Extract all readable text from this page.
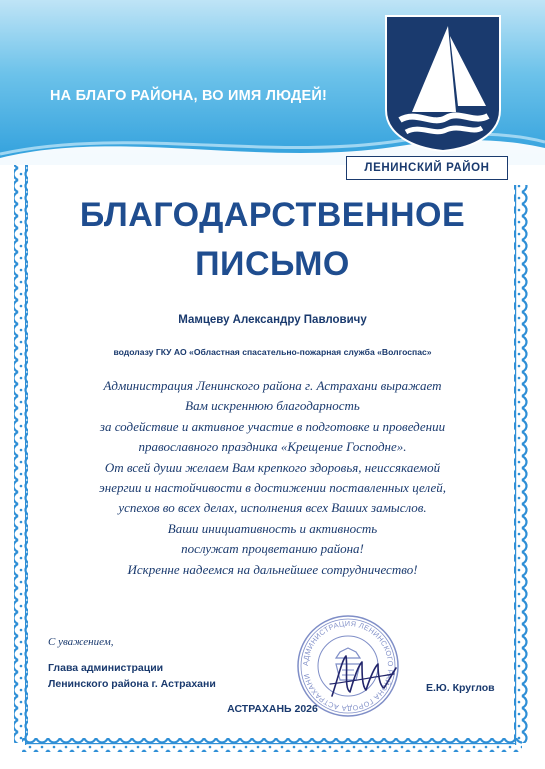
НА БЛАГО РАЙОНА, ВО ИМЯ ЛЮДЕЙ!
ЛЕНИНСКИЙ РАЙОН
БЛАГОДАРСТВЕННОЕ
ПИСЬМО
Мамцеву Александру Павловичу
водолазу ГКУ АО «Областная спасательно-пожарная служба «Волгоспас»
Администрация Ленинского района г. Астрахани выражает
Вам искреннюю благодарность
за содействие и активное участие в подготовке и проведении
православного праздника «Крещение Господне».
От всей души желаем Вам крепкого здоровья, неиссякаемой
энергии и настойчивости в достижении поставленных целей,
успехов во всех делах, исполнения всех Ваших замыслов.
Ваши инициативность и активность
послужат процветанию района!
Искренне надеемся на дальнейшее сотрудничество!
АДМИНИСТРАЦИЯ ЛЕНИНСКОГО РАЙОНА ГОРОДА АСТРАХАНИ
С уважением,
Глава администрации
Ленинского района г. Астрахани	Е.Ю. Круглов
АСТРАХАНЬ 2026
